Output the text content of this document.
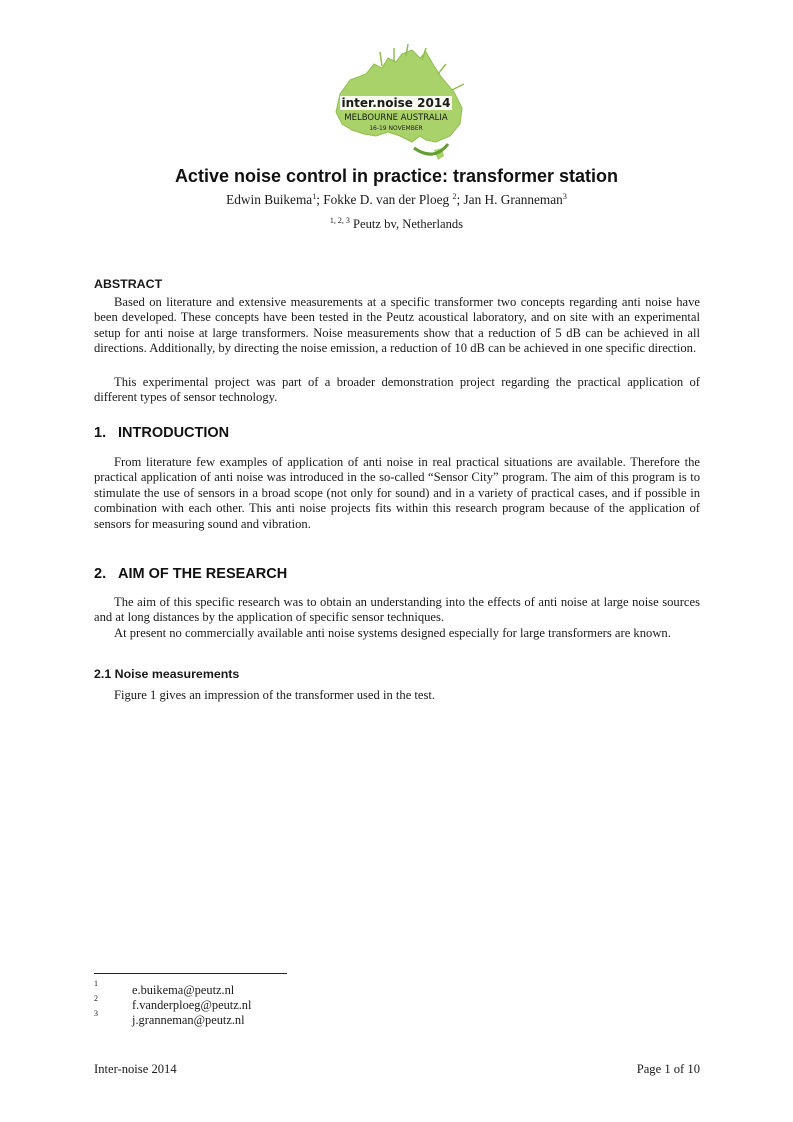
inter.noise 2014
MELBOURNE AUSTRALIA
16-19 NOVEMBER
Active noise control in practice: transformer station
Edwin Buikema$^1$; Fokke D. van der Ploeg $^2$; Jan H. Granneman$^3$
$^{1, 2, 3}$ Peutz bv, Netherlands
ABSTRACT

Based on literature and extensive measurements at a specific transformer two concepts regarding anti noise have been developed. These concepts have been tested in the Peutz acoustical laboratory, and on site with an experimental setup for anti noise at large transformers. Noise measurements show that a reduction of 5 dB can be achieved in all directions. Additionally, by directing the noise emission, a reduction of 10 dB can be achieved in one specific direction.

This experimental project was part of a broader demonstration project regarding the practical application of different types of sensor technology.

1. INTRODUCTION

From literature few examples of application of anti noise in real practical situations are available. Therefore the practical application of anti noise was introduced in the so-called “Sensor City” program. The aim of this program is to stimulate the use of sensors in a broad scope (not only for sound) and in a variety of practical cases, and if possible in combination with each other. This anti noise projects fits within this research program because of the application of sensors for measuring sound and vibration.

2. AIM OF THE RESEARCH

The aim of this specific research was to obtain an understanding into the effects of anti noise at large noise sources and at long distances by the application of specific sensor techniques.

At present no commercially available anti noise systems designed especially for large transformers are known.

2.1 Noise measurements

Figure 1 gives an impression of the transformer used in the test.

1	e.buikema@peutz.nl
2	f.vanderploeg@peutz.nl
3	j.granneman@peutz.nl
Inter-noise 2014	Page 1 of 10
